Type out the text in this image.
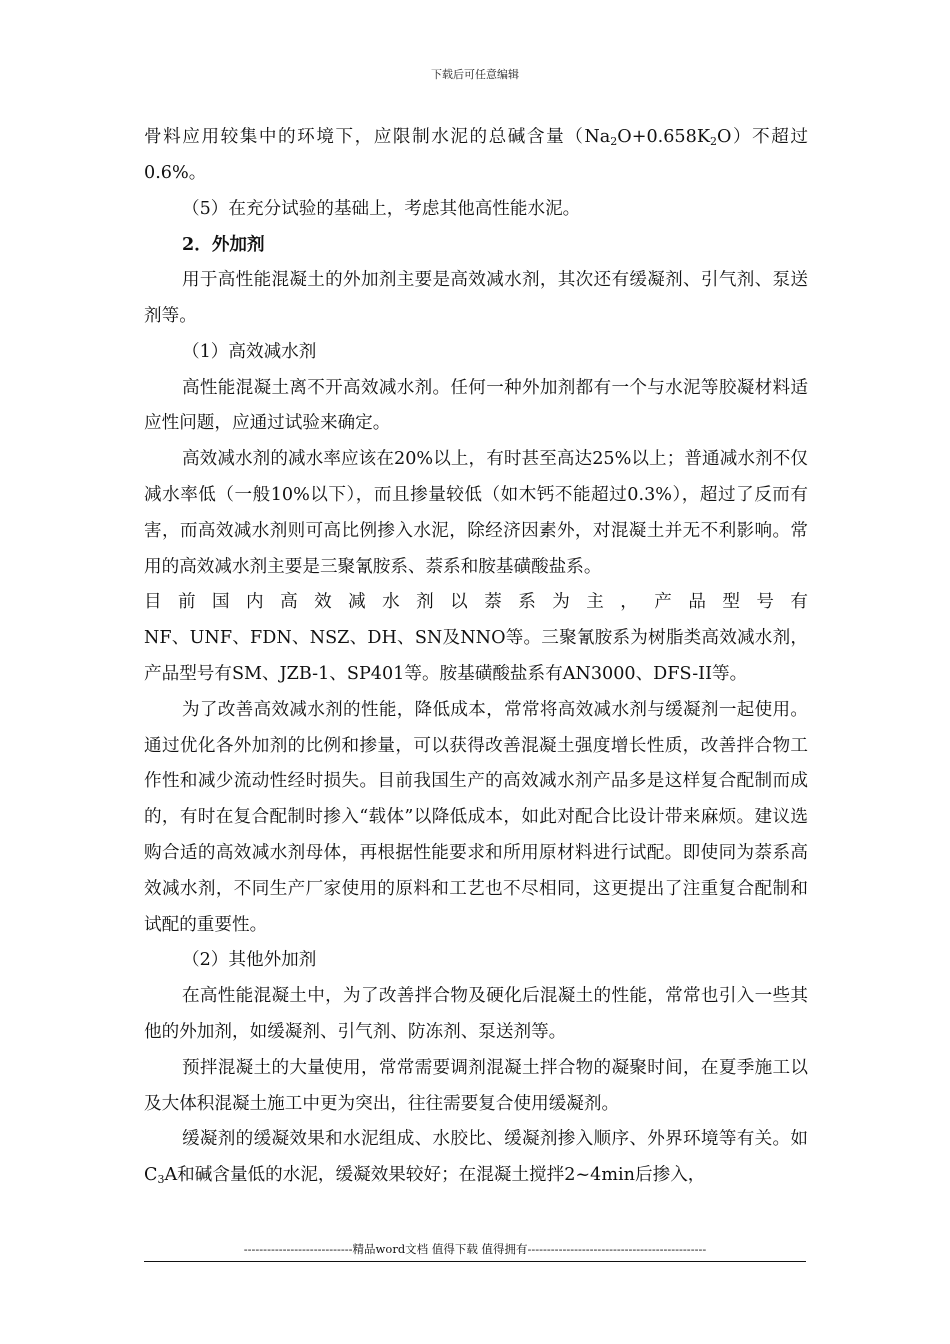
下载后可任意编辑

骨料应用较集中的环境下，应限制水泥的总碱含量$(Na_2O+0.658K_2O)$不超过0.6%。

（5）在充分试验的基础上，考虑其他高性能水泥。

2．外加剂

用于高性能混凝土的外加剂主要是高效减水剂，其次还有缓凝剂、引气剂、泵送剂等。

（1）高效减水剂

高性能混凝土离不开高效减水剂。任何一种外加剂都有一个与水泥等胶凝材料适应性问题，应通过试验来确定。

高效减水剂的减水率应该在20%以上，有时甚至高达25%以上；普通减水剂不仅减水率低（一般10%以下），而且掺量较低（如木钙不能超过0.3%），超过了反而有害，而高效减水剂则可高比例掺入水泥，除经济因素外，对混凝土并无不利影响。常用的高效减水剂主要是三聚氰胺系、萘系和胺基磺酸盐系。

目前国内高效减水剂以萘系为主，产品型号有

NF、UNF、FDN、NSZ、DH、SN及NNO等。三聚氰胺系为树脂类高效减水剂，产品型号有SM、JZB-1、SP401等。胺基磺酸盐系有AN3000、DFS-II等。

为了改善高效减水剂的性能，降低成本，常常将高效减水剂与缓凝剂一起使用。通过优化各外加剂的比例和掺量，可以获得改善混凝土强度增长性质，改善拌合物工作性和减少流动性经时损失。目前我国生产的高效减水剂产品多是这样复合配制而成的，有时在复合配制时掺入“载体”以降低成本，如此对配合比设计带来麻烦。建议选购合适的高效减水剂母体，再根据性能要求和所用原材料进行试配。即使同为萘系高效减水剂，不同生产厂家使用的原料和工艺也不尽相同，这更提出了注重复合配制和试配的重要性。

（2）其他外加剂

在高性能混凝土中，为了改善拌合物及硬化后混凝土的性能，常常也引入一些其他的外加剂，如缓凝剂、引气剂、防冻剂、泵送剂等。

预拌混凝土的大量使用，常常需要调剂混凝土拌合物的凝聚时间，在夏季施工以及大体积混凝土施工中更为突出，往往需要复合使用缓凝剂。

缓凝剂的缓凝效果和水泥组成、水胶比、缓凝剂掺入顺序、外界环境等有关。如$C_3A$和碱含量低的水泥，缓凝效果较好；在混凝土搅拌2~4min后掺入，

----------------------------精品word文档 值得下载 值得拥有----------------------------------------------
